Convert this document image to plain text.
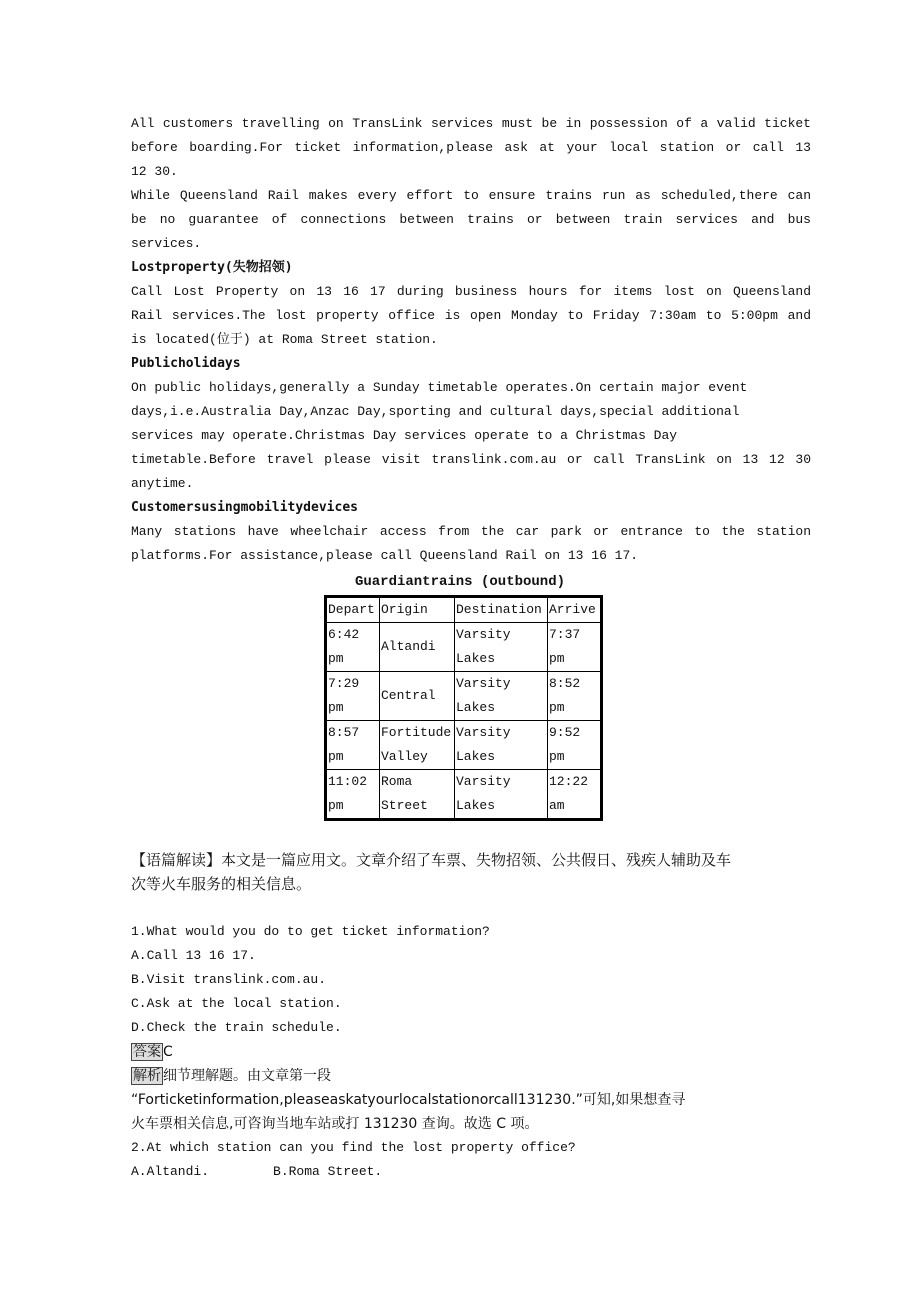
All customers travelling on TransLink services must be in possession of a valid ticket
before boarding.For ticket information,please ask at your local station or call 13
12 30.
While Queensland Rail makes every effort to ensure trains run as scheduled,there can
be no guarantee of connections between trains or between train services and bus
services.
Lostproperty(失物招领)
Call Lost Property on 13 16 17 during business hours for items lost on Queensland
Rail services.The lost property office is open Monday to Friday 7:30am to 5:00pm and
is located(位于) at Roma Street station.
Publicholidays
On public holidays,generally a Sunday timetable operates.On certain major event
days,i.e.Australia Day,Anzac Day,sporting and cultural days,special additional
services may operate.Christmas Day services operate to a Christmas Day
timetable.Before travel please visit translink.com.au or call TransLink on 13 12 30
anytime.
Customersusingmobilitydevices
Many stations have wheelchair access from the car park or entrance to the station
platforms.For assistance,please call Queensland Rail on 13 16 17.
Guardiantrains (outbound)
Depart	Origin	Destination	Arrive
6:42
pm	Altandi	Varsity
Lakes	7:37
pm
7:29
pm	Central	Varsity
Lakes	8:52
pm
8:57
pm	Fortitude
Valley	Varsity
Lakes	9:52
pm
11:02
pm	Roma
Street	Varsity
Lakes	12:22
am
【语篇解读】本文是一篇应用文。文章介绍了车票、失物招领、公共假日、残疾人辅助及车
次等火车服务的相关信息。
1.What would you do to get ticket information?
A.Call 13 16 17.
B.Visit translink.com.au.
C.Ask at the local station.
D.Check the train schedule.
答案 C
解析 细节理解题。由文章第一段
“Forticketinformation,pleaseaskatyourlocalstationorcall131230.”可知,如果想查寻
火车票相关信息,可咨询当地车站或打 131230 查询。故选 C 项。
2.At which station can you find the lost property office?
A.Altandi.	B.Roma Street.
